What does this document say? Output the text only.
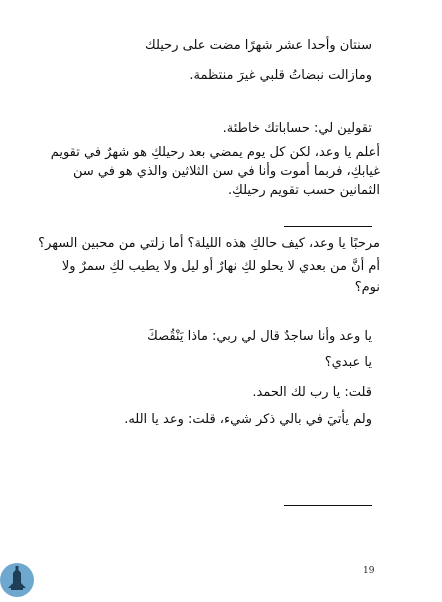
سنتان وأحدا عشر شهرًا مضت على رحيلك
ومازالت نبضاتُ قلبي غيرَ منتظمة.
تقولين لي: حساباتك خاطئة.
أعلم يا وعد، لكن كل يوم يمضي بعد رحيلكِ هو شهرٌ في تقويم
غيابكِ، فربما أموت وأنا في سن الثلاثين والذي هو في سن
الثمانين حسب تقويم رحيلكِ.
مرحبًا يا وعد، كيف حالكِ هذه الليلة؟ أما زلتي من محبين السهر؟
أم أنَّ من بعدي لا يحلو لكِ نهارٌ أو ليل ولا يطيب لكِ سمرٌ ولا
نوم؟
يا وعد وأنا ساجدٌ قال لي ربي: ماذا يَنْقُصكَ
يا عبدي؟
قلت: يا رب لك الحمد.
ولم يأتيَ في بالي ذكر شيء، قلت: وعد يا الله.
19
